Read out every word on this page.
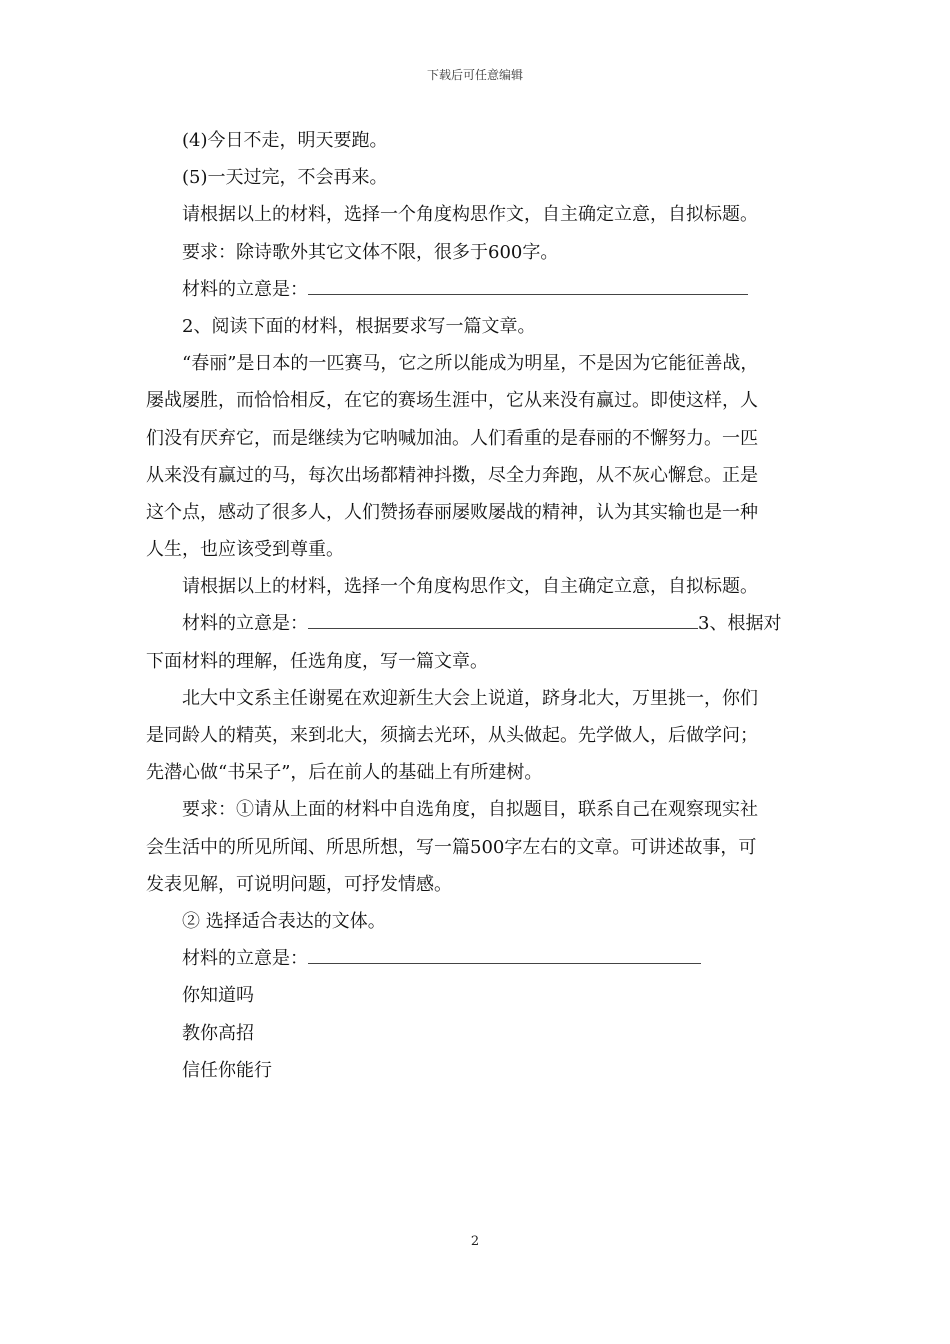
下载后可任意编辑
(4)今日不走，明天要跑。
(5)一天过完，不会再来。
请根据以上的材料，选择一个角度构思作文，自主确定立意，自拟标题。
要求：除诗歌外其它文体不限，很多于600字。
材料的立意是：
2、阅读下面的材料，根据要求写一篇文章。
“春丽”是日本的一匹赛马，它之所以能成为明星，不是因为它能征善战，
屡战屡胜，而恰恰相反，在它的赛场生涯中，它从来没有赢过。即使这样，人
们没有厌弃它，而是继续为它呐喊加油。人们看重的是春丽的不懈努力。一匹
从来没有赢过的马，每次出场都精神抖擞，尽全力奔跑，从不灰心懈怠。正是
这个点，感动了很多人，人们赞扬春丽屡败屡战的精神，认为其实输也是一种
人生，也应该受到尊重。
请根据以上的材料，选择一个角度构思作文，自主确定立意，自拟标题。
材料的立意是：	3、根据对
下面材料的理解，任选角度，写一篇文章。
北大中文系主任谢冕在欢迎新生大会上说道，跻身北大，万里挑一，你们
是同龄人的精英，来到北大，须摘去光环，从头做起。先学做人，后做学问；
先潜心做“书呆子”，后在前人的基础上有所建树。
要求：①请从上面的材料中自选角度，自拟题目，联系自己在观察现实社
会生活中的所见所闻、所思所想，写一篇500字左右的文章。可讲述故事，可
发表见解，可说明问题，可抒发情感。
② 选择适合表达的文体。
材料的立意是：
你知道吗
教你高招
信任你能行
2
